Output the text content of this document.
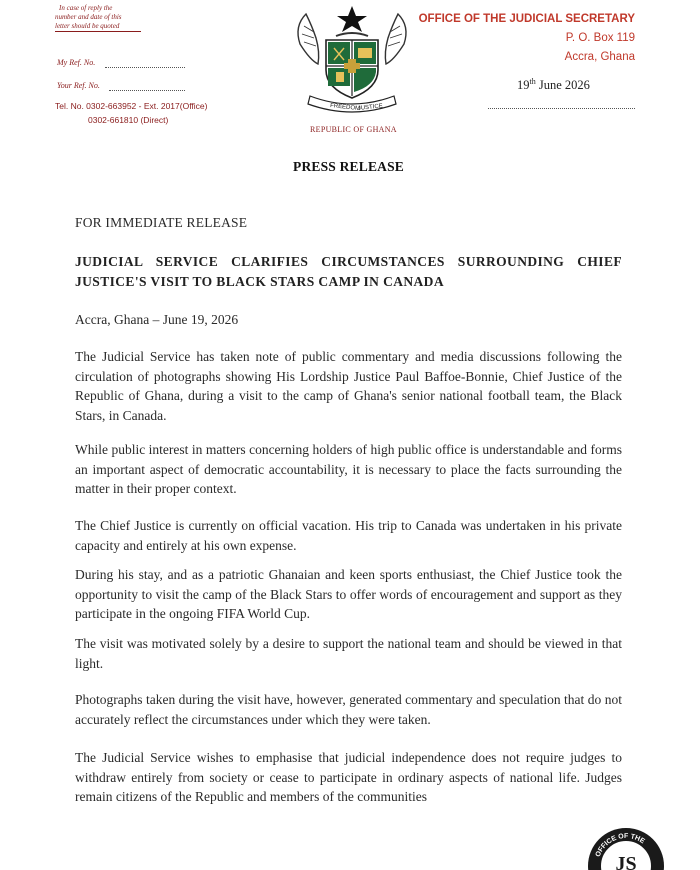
In case of reply the
number and date of this
letter should be quoted
My Ref. No.
Your Ref. No.
Tel. No. 0302-663952 - Ext. 2017(Office)
0302-661810 (Direct)
FREEDOM
JUSTICE
REPUBLIC OF GHANA
OFFICE OF THE JUDICIAL SECRETARY
P. O. Box 119
Accra, Ghana
19th June 2026
PRESS RELEASE
FOR IMMEDIATE RELEASE
JUDICIAL SERVICE CLARIFIES CIRCUMSTANCES SURROUNDING CHIEF JUSTICE'S VISIT TO BLACK STARS CAMP IN CANADA
Accra, Ghana – June 19, 2026
The Judicial Service has taken note of public commentary and media discussions following the circulation of photographs showing His Lordship Justice Paul Baffoe-Bonnie, Chief Justice of the Republic of Ghana, during a visit to the camp of Ghana's senior national football team, the Black Stars, in Canada.
While public interest in matters concerning holders of high public office is understandable and forms an important aspect of democratic accountability, it is necessary to place the facts surrounding the matter in their proper context.
The Chief Justice is currently on official vacation. His trip to Canada was undertaken in his private capacity and entirely at his own expense.
During his stay, and as a patriotic Ghanaian and keen sports enthusiast, the Chief Justice took the opportunity to visit the camp of the Black Stars to offer words of encouragement and support as they participate in the ongoing FIFA World Cup.
The visit was motivated solely by a desire to support the national team and should be viewed in that light.
Photographs taken during the visit have, however, generated commentary and speculation that do not accurately reflect the circumstances under which they were taken.
The Judicial Service wishes to emphasise that judicial independence does not require judges to withdraw entirely from society or cease to participate in ordinary aspects of national life. Judges remain citizens of the Republic and members of the communities
OFFICE OF THE
JS
